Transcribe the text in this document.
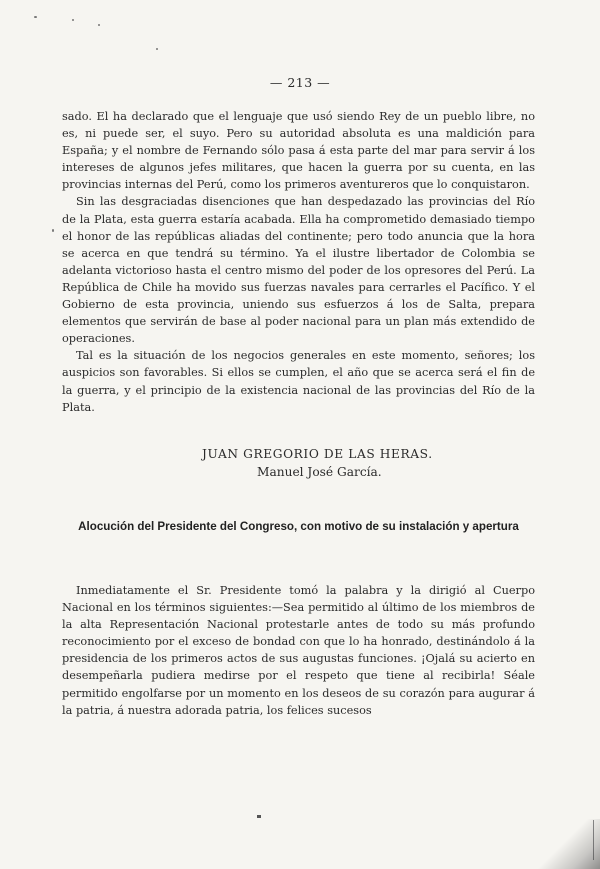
— 213 —

sado. El ha declarado que el lenguaje que usó siendo Rey de un pueblo libre, no es, ni puede ser, el suyo. Pero su autoridad absoluta es una maldición para España; y el nombre de Fernando sólo pasa á esta parte del mar para servir á los intereses de algunos jefes militares, que hacen la guerra por su cuenta, en las provincias internas del Perú, como los primeros aventureros que lo conquistaron.

Sin las desgraciadas disenciones que han despedazado las provincias del Río de la Plata, esta guerra estaría acabada. Ella ha comprometido demasiado tiempo el honor de las repúblicas aliadas del continente; pero todo anuncia que la hora se acerca en que tendrá su término. Ya el ilustre libertador de Colombia se adelanta victorioso hasta el centro mismo del poder de los opresores del Perú. La República de Chile ha movido sus fuerzas navales para cerrarles el Pacífico. Y el Gobierno de esta provincia, uniendo sus esfuerzos á los de Salta, prepara elementos que servirán de base al poder nacional para un plan más extendido de operaciones.

Tal es la situación de los negocios generales en este momento, señores; los auspicios son favorables. Si ellos se cumplen, el año que se acerca será el fin de la guerra, y el principio de la existencia nacional de las provincias del Río de la Plata.

JUAN GREGORIO DE LAS HERAS.
Manuel José García.
Alocución del Presidente del Congreso, con motivo de su instalación y apertura

Inmediatamente el Sr. Presidente tomó la palabra y la dirigió al Cuerpo Nacional en los términos siguientes:—Sea permitido al último de los miembros de la alta Representación Nacional protestarle antes de todo su más profundo reconocimiento por el exceso de bondad con que lo ha honrado, destinándolo á la presidencia de los primeros actos de sus augustas funciones. ¡Ojalá su acierto en desempeñarla pudiera medirse por el respeto que tiene al recibirla! Séale permitido engolfarse por un momento en los deseos de su corazón para augurar á la patria, á nuestra adorada patria, los felices sucesos
